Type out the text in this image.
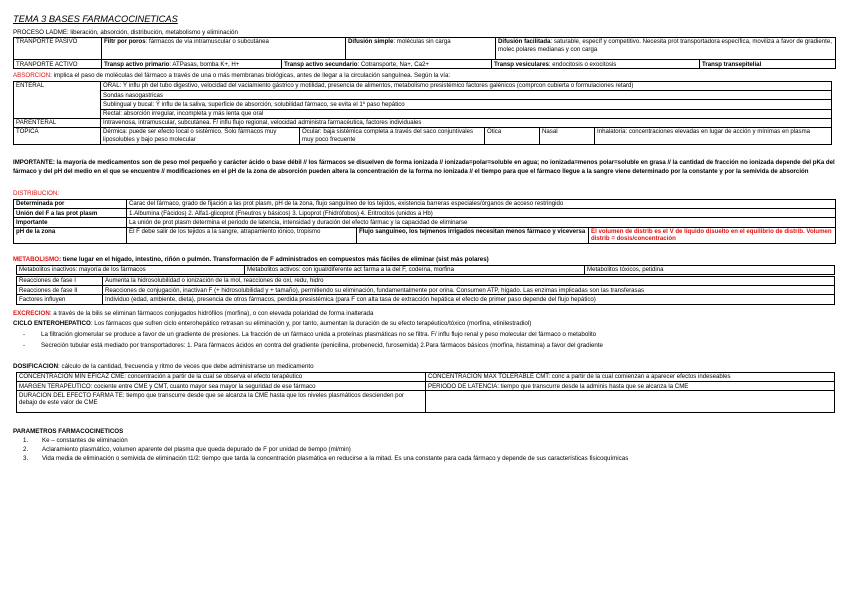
TEMA 3 BASES FARMACOCINETICAS
PROCESO LADME: liberación, absorción, distribución, metabolismo y eliminación
TRANPORTE PASIVO	Filtr por poros: fármacos de vía intramuscular o subcutánea	Difusión simple: moléculas sin carga	Difusión facilitada: saturable, específ y competitivo. Necesita prot transportadora específica, moviliza a favor de gradiente, molec polares medianas y con carga
TRANPORTE ACTIVO	Transp activo primario: ATPasas, bomba K+, H+	Transp activo secundario: Cotransporte, Na+, Ca2+	Transp vesiculares: endocitosis o exocitosis	Transp transepitelial
ABSORCION: implica el paso de moléculas del fármaco a través de una o más membranas biológicas, antes de llegar a la circulación sanguínea. Según la vía:
ENTERAL	ORAL: Ý influ ph del tubo digestivo, velocidad del vaciamiento gástrico y motilidad, presencia de alimentos, metabolismo presistémico factores galénicos (comprcon cubierta o formulaciones retard)				
	Sondas nasogastricas				
	Sublingual y bucal: Ý influ de la saliva, superficie de absorción, solubilidad fármaco, se evita el 1º paso hepático				
	Rectal: absorción irregular, incompleta y más lenta que oral				
PARENTERAL	Intravenosa, intramuscular, subcutánea. F/ influ flujo regional, velocidad administra farmacéutica, factores individuales				
TOPICA	Dérmica: puede ser efecto local o sistémico. Solo fármacos muy liposolubles y bajo peso molecular	Ocular: baja sistémica completa a través del saco conjuntivales muy poco frecuente	Ótica	Nasal	Inhalatoria: concentraciones elevadas en lugar de acción y mínimas en plasma
IMPORTANTE: la mayoría de medicamentos son de peso mol pequeño y carácter ácido o base débil // los fármacos se disuelven de forma ionizada // ionizada=polar=soluble en agua; no ionizada=menos polar=soluble en grasa // la cantidad de fracción no ionizada depende del pKa del fármaco y del pH del medio en el que se encuentre // modificaciones en el pH de la zona de absorción pueden altera la concentración de la forma no ionizada // el tiempo para que el fármaco llegue a la sangre viene determinado por la constante y por la semivida de absorción
DISTRIBUCION:
Determinada por	Carac del fármaco, grado de fijación a las prot plasm, pH de la zona, flujo sanguíneo de los tejidos, existencia barreras especiales/órganos de acceso restringido		
Unión del F a las prot plasm	1.Albumina (Fácidos) 2. Alfa1-glicoprot (Fneutros y básicos) 3. Lipoprot (Fhidrófobos) 4. Eritrocitos (unidos a Hb)		
Importante	La unión de prot plasm determina el periodo de latencia, intensidad y duración del efecto fármac y la capacidad de eliminarse		
pH de la zona	El F debe salir de los tejidos a la sangre, atrapamiento iónico, tropismo	Flujo sanguíneo, los tejmenos irrigados necesitan menos fármaco y viceversa	El volumen de distrib es el V de líquido disuelto en el equilibrio de distrib. Volumen distrib = dosis/concentración
METABOLISMO: tiene lugar en el hígado, intestino, riñón o pulmón. Transformación de F administrados en compuestos más fáciles de eliminar (sist más polares)
Metabolitos inactivos: mayoría de los fármacos	Metabolitos activos: con igual/diferente act farma a la del F, codeína, morfina	Metabolitos tóxicos, petidina
Reacciones de fase I	Aumenta la hidrosolubilidad o ionización de la mol, reacciones de oxi, redu, hidro
Reacciones de fase II	Reacciones de conjugación, inactivan F (+ hidrosolubilidad y + tamaño), permitiendo su eliminación, fundamentalmente por orina. Consumen ATP, hígado. Las enzimas implicadas son las transferasas
Factores influyen	Individuo (edad, ambiente, dieta), presencia de otros fármacos, perdida presistémica (para F con alta tasa de extracción hepática el efecto de primer paso depende del flujo hepático)
EXCRECION: a través de la bilis se eliminan fármacos conjugados hidrófilos (morfina), o con elevada polaridad de forma inalterada
CICLO ENTEROHEPATICO: Los fármacos que sufren ciclo enterohepático retrasan su eliminación y, por tanto, aumentan la duración de su efecto terapéutico/tóxico (morfina, etinilestradiol)
-	La filtración glomerular se produce a favor de un gradiente de presiones. La fracción de un fármaco unida a proteínas plasmáticas no se filtra. F/ influ flujo renal y peso molecular del fármaco o metabolito
-	Secreción tubular está mediado por transportadores: 1. Para fármacos ácidos en contra del gradiente (penicilina, probenecid, furosemida) 2.Para fármacos básicos (morfina, histamina) a favor del gradiente
DOSIFICACION: cálculo de la cantidad, frecuencia y ritmo de veces que debe administrarse un medicamento
CONCENTRACION MIN EFICAZ CME: concentración a partir de la cual se observa el efecto terapéutico	CONCENTRACION MAX TOLERABLE CMT: conc a partir de la cual comienzan a aparecer efectos indeseables
MARGEN TERAPEUTICO: cociente entre CME y CMT, cuanto mayor sea mayor la seguridad de ese fármaco	PERIODO DE LATENCIA: tiempo que transcurre desde la adminis hasta que se alcanza la CME
DURACION DEL EFECTO FARMA TE: tiempo que transcurre desde que se alcanza la CME hasta que los niveles plasmáticos descienden por debajo de este valor de CME	
PARAMETROS FARMACOCINETICOS
1. Ke – constantes de eliminación
2. Aclaramiento plasmático, volumen aparente del plasma que queda depurado de F por unidad de tiempo (ml/min)
3. Vida media de eliminación o semivida de eliminación t1/2: tiempo que tarda la concentración plasmática en reducirse a la mitad. Es una constante para cada fármaco y depende de sus características fisicoquímicas
